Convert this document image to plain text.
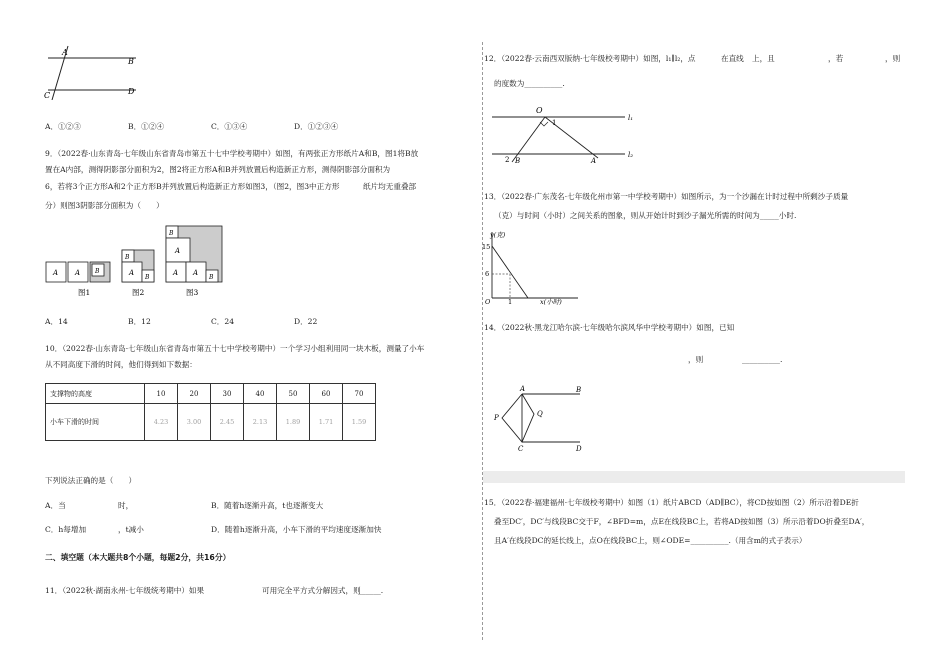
A
B
C	D
A．①②③	B．①②④	C．①③④	D．①②③④
9．（2022春·山东青岛·七年级山东省青岛市第五十七中学校考期中）如图，有两张正方形纸片A和B，图1将B放
置在A内部，测得阴影部分面积为2，图2将正方形A和B并列放置后构造新正方形，测得阴影部分面积为
6，若将3个正方形A和2个正方形B并列放置后构造新正方形如图3，（图2，图3中正方形	纸片均无重叠部
分）则图3阴影部分面积为（　　）
A A B
图1
B
A
B
图2
B
A
A A
B
图3
A．14	B．12	C．24	D．22
10．（2022春·山东青岛·七年级山东省青岛市第五十七中学校考期中）一个学习小组利用同一块木板，测量了小车
从不同高度下滑的时间，他们得到如下数据：
支撑物的高度	10	20	30	40	50	60	70
小车下滑的时间	4.23	3.00	2.45	2.13	1.89	1.71	1.59
下列说法正确的是（　　）
A．当	时，	B．随着h逐渐升高，t也逐渐变大
C．h每增加	，t减小	D．随着h逐渐升高，小车下滑的平均速度逐渐加快
二、填空题（本大题共8个小题，每题2分，共16分）
11．（2022秋·湖南永州·七年级统考期中）如果	可用完全平方式分解因式，则
______.
12．（2022春·云南西双版纳·七年级校考期中）如图，l₁∥l₂，点	在直线 上，且	，若	，则
的度数为__________.
O
l₁
l₂
1
2 B	A
13．（2022春·广东茂名·七年级化州市第一中学校考期中）如图所示，为一个沙漏在计时过程中所剩沙子质量
（克）与时间（小时）之间关系的图象，则从开始计时到沙子漏光所需的时间为_____小时.
y(克)
x(小时)
15
6
1
O
14．（2022秋·黑龙江哈尔滨·七年级哈尔滨风华中学校考期中）如图，已知
，则	__________.
A	B
P	Q
C	D
15．（2022春·福建福州·七年级校考期中）如图（1）纸片ABCD（AD∥BC），将CD按如图（2）所示沿着DE折
叠至DC′，DC′与线段BC交于F，∠BFD=m，点E在线段BC上，若将AD按如图（3）所示沿着DO折叠至DA′，
且A′在线段DC的延长线上，点O在线段BC上，则∠ODE=__________.（用含m的式子表示）
